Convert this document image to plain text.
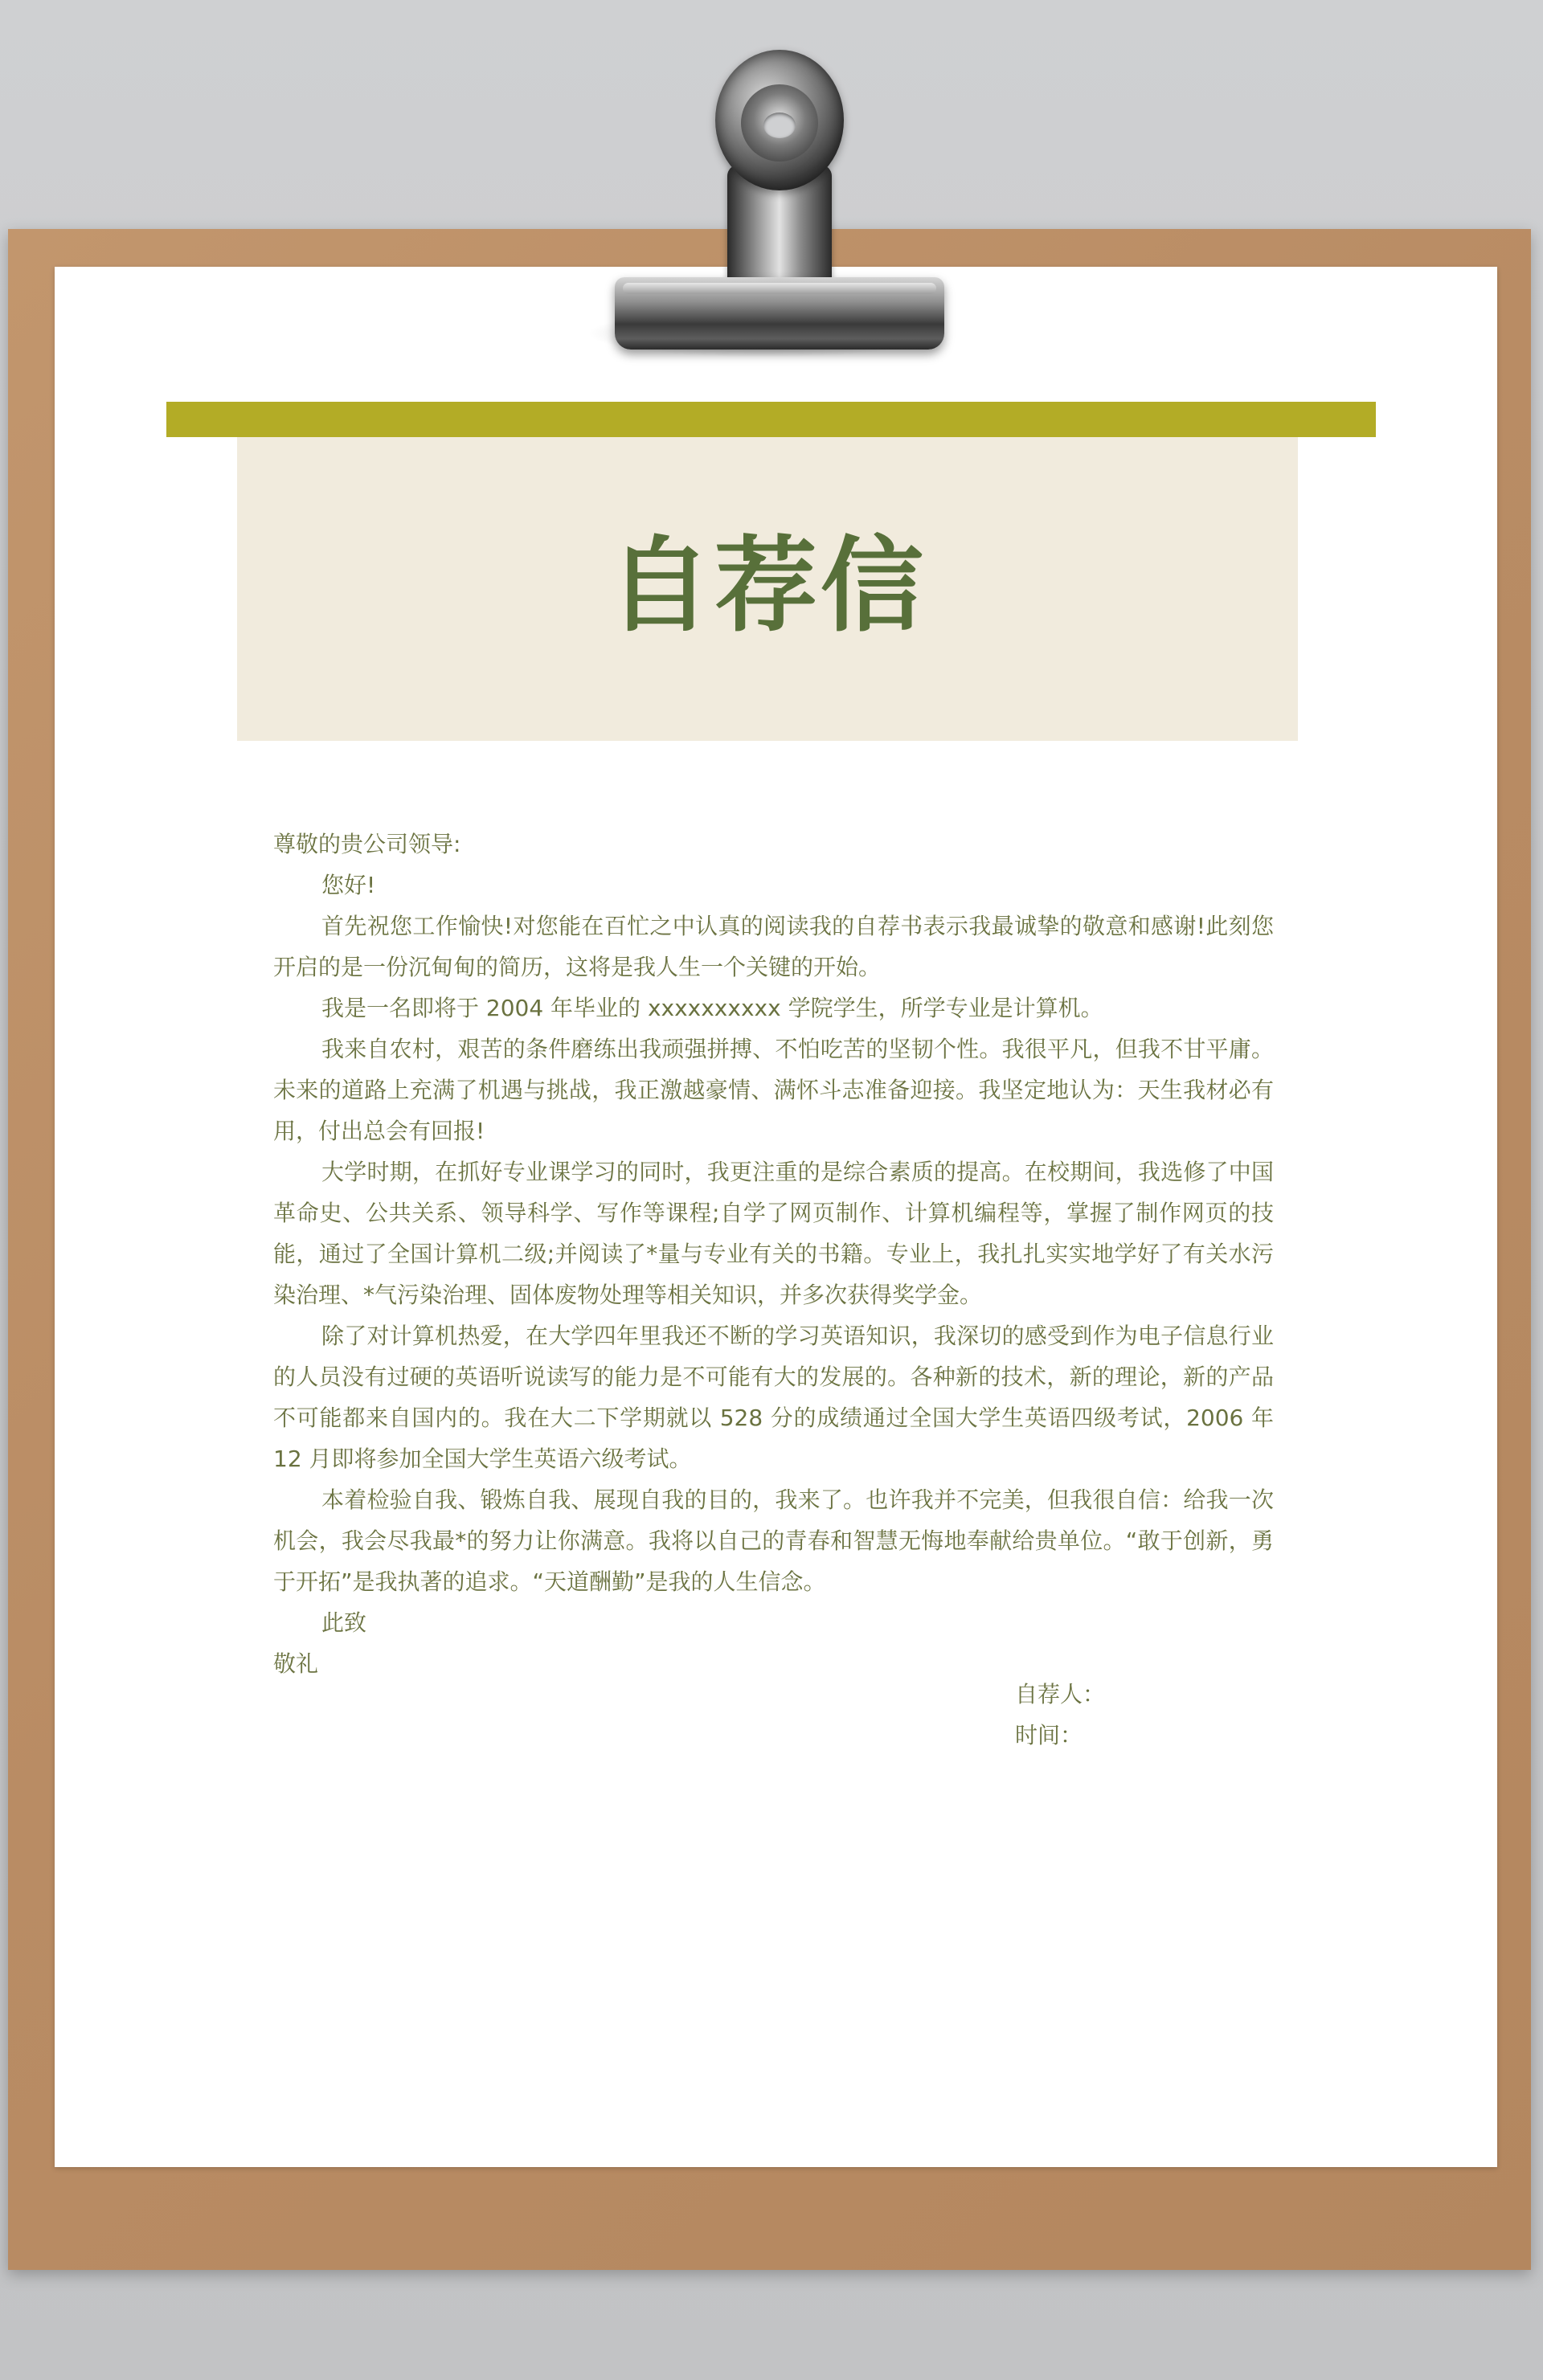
自荐信

尊敬的贵公司领导:

您好!

首先祝您工作愉快!对您能在百忙之中认真的阅读我的自荐书表示我最诚挚的敬意和感谢!此刻您开启的是一份沉甸甸的简历，这将是我人生一个关键的开始。

我是一名即将于 2004 年毕业的 xxxxxxxxxx 学院学生，所学专业是计算机。

我来自农村，艰苦的条件磨练出我顽强拼搏、不怕吃苦的坚韧个性。我很平凡，但我不甘平庸。未来的道路上充满了机遇与挑战，我正激越豪情、满怀斗志准备迎接。我坚定地认为：天生我材必有用，付出总会有回报!

大学时期，在抓好专业课学习的同时，我更注重的是综合素质的提高。在校期间，我选修了中国革命史、公共关系、领导科学、写作等课程;自学了网页制作、计算机编程等，掌握了制作网页的技能，通过了全国计算机二级;并阅读了*量与专业有关的书籍。专业上，我扎扎实实地学好了有关水污染治理、*气污染治理、固体废物处理等相关知识，并多次获得奖学金。

除了对计算机热爱，在大学四年里我还不断的学习英语知识，我深切的感受到作为电子信息行业的人员没有过硬的英语听说读写的能力是不可能有大的发展的。各种新的技术，新的理论，新的产品不可能都来自国内的。我在大二下学期就以 528 分的成绩通过全国大学生英语四级考试，2006 年 12 月即将参加全国大学生英语六级考试。

本着检验自我、锻炼自我、展现自我的目的，我来了。也许我并不完美，但我很自信：给我一次机会，我会尽我最*的努力让你满意。我将以自己的青春和智慧无悔地奉献给贵单位。“敢于创新，勇于开拓”是我执著的追求。“天道酬勤”是我的人生信念。

此致

敬礼

自荐人：

时间：
